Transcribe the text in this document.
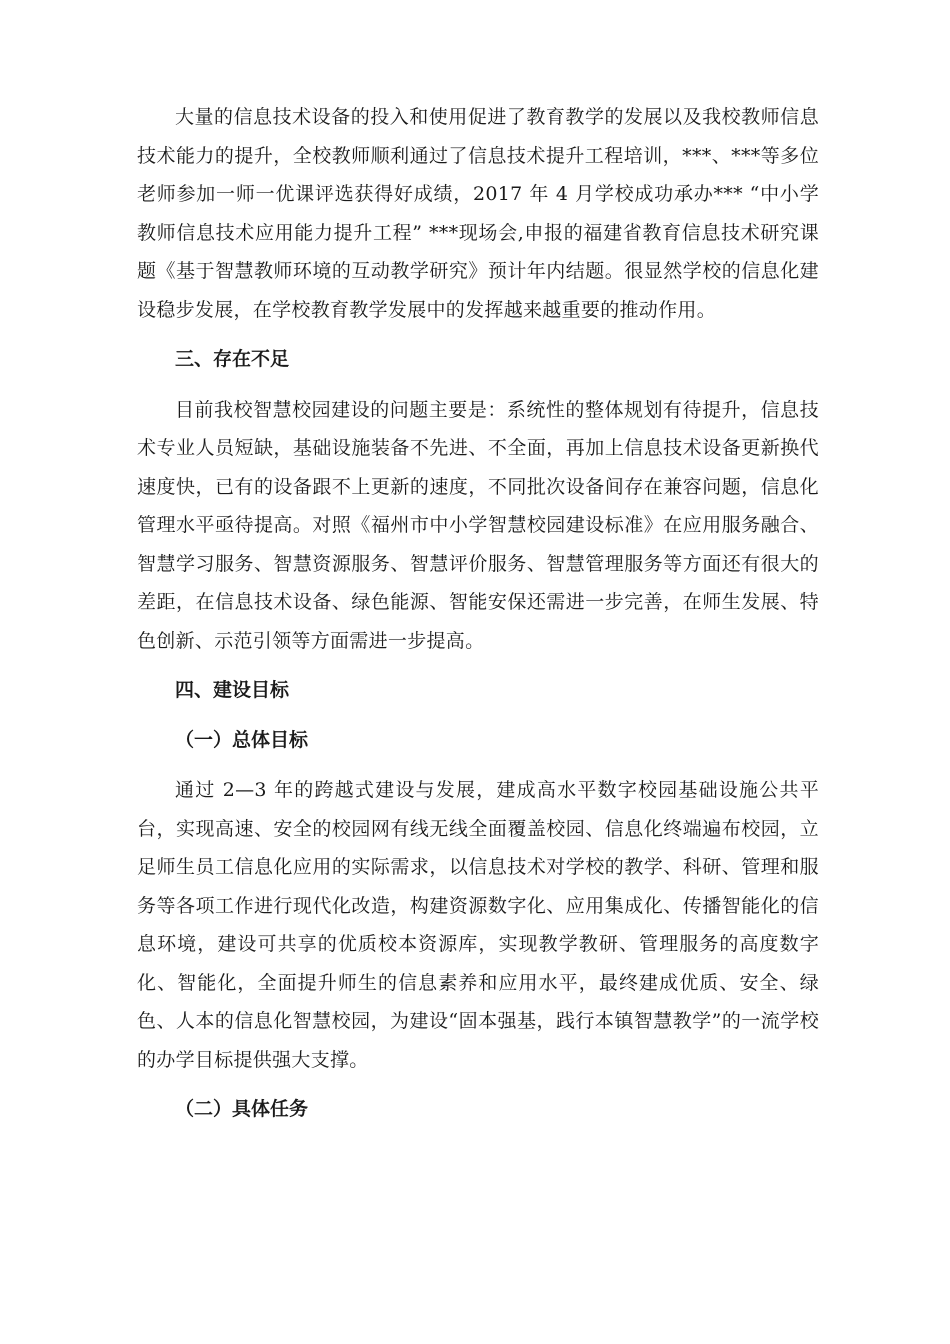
大量的信息技术设备的投入和使用促进了教育教学的发展以及我校教师信息技术能力的提升，全校教师顺利通过了信息技术提升工程培训，***、***等多位老师参加一师一优课评选获得好成绩，2017 年 4 月学校成功承办*** “中小学教师信息技术应用能力提升工程” ***现场会,申报的福建省教育信息技术研究课题《基于智慧教师环境的互动教学研究》预计年内结题。很显然学校的信息化建设稳步发展，在学校教育教学发展中的发挥越来越重要的推动作用。

三、存在不足

目前我校智慧校园建设的问题主要是：系统性的整体规划有待提升，信息技术专业人员短缺，基础设施装备不先进、不全面，再加上信息技术设备更新换代速度快，已有的设备跟不上更新的速度，不同批次设备间存在兼容问题，信息化管理水平亟待提高。对照《福州市中小学智慧校园建设标准》在应用服务融合、智慧学习服务、智慧资源服务、智慧评价服务、智慧管理服务等方面还有很大的差距，在信息技术设备、绿色能源、智能安保还需进一步完善，在师生发展、特色创新、示范引领等方面需进一步提高。

四、建设目标

（一）总体目标

通过 2—3 年的跨越式建设与发展，建成高水平数字校园基础设施公共平台，实现高速、安全的校园网有线无线全面覆盖校园、信息化终端遍布校园，立足师生员工信息化应用的实际需求，以信息技术对学校的教学、科研、管理和服务等各项工作进行现代化改造，构建资源数字化、应用集成化、传播智能化的信息环境，建设可共享的优质校本资源库，实现教学教研、管理服务的高度数字化、智能化，全面提升师生的信息素养和应用水平，最终建成优质、安全、绿色、人本的信息化智慧校园，为建设“固本强基，践行本镇智慧教学”的一流学校的办学目标提供强大支撑。

（二）具体任务
